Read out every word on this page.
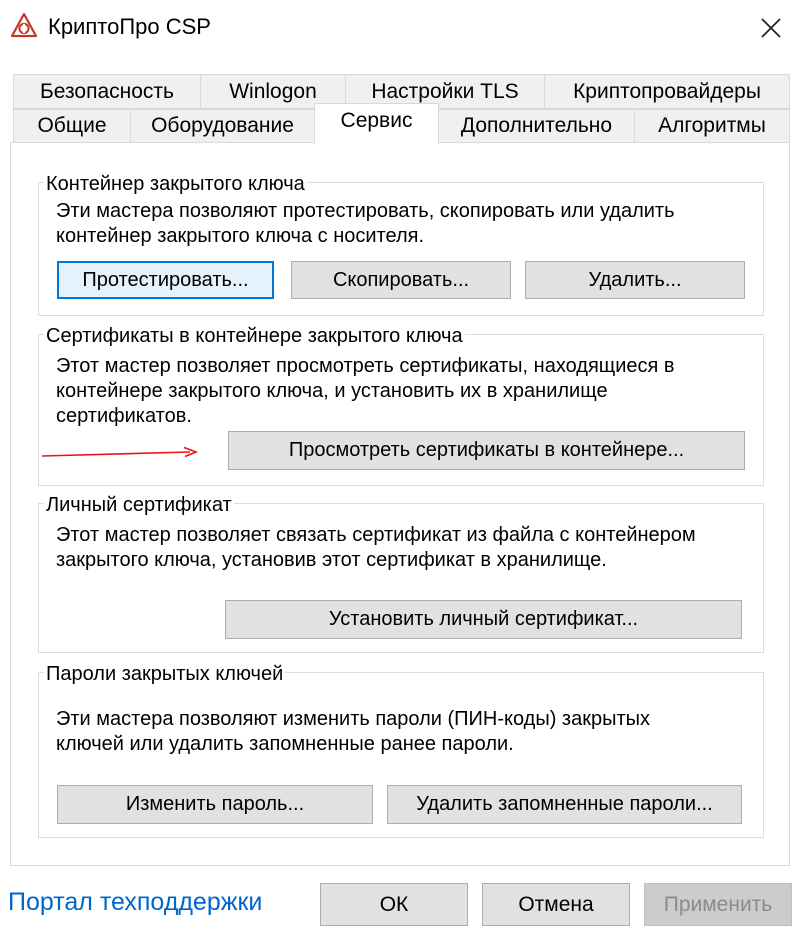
КриптоПро CSP
Безопасность	Winlogon	Настройки TLS	Криптопровайдеры
Общие Оборудование Сервис Дополнительно Алгоритмы
Контейнер закрытого ключа
Эти мастера позволяют протестировать, скопировать или удалить
контейнер закрытого ключа с носителя.
Протестировать...	Скопировать...	Удалить...
Сертификаты в контейнере закрытого ключа
Этот мастер позволяет просмотреть сертификаты, находящиеся в
контейнере закрытого ключа, и установить их в хранилище
сертификатов.
Просмотреть сертификаты в контейнере...
Личный сертификат
Этот мастер позволяет связать сертификат из файла с контейнером
закрытого ключа, установив этот сертификат в хранилище.
Установить личный сертификат...
Пароли закрытых ключей
Эти мастера позволяют изменить пароли (ПИН-коды) закрытых
ключей или удалить запомненные ранее пароли.
Изменить пароль...	Удалить запомненные пароли...
Портал техподдержки	ОК	Отмена	Применить
